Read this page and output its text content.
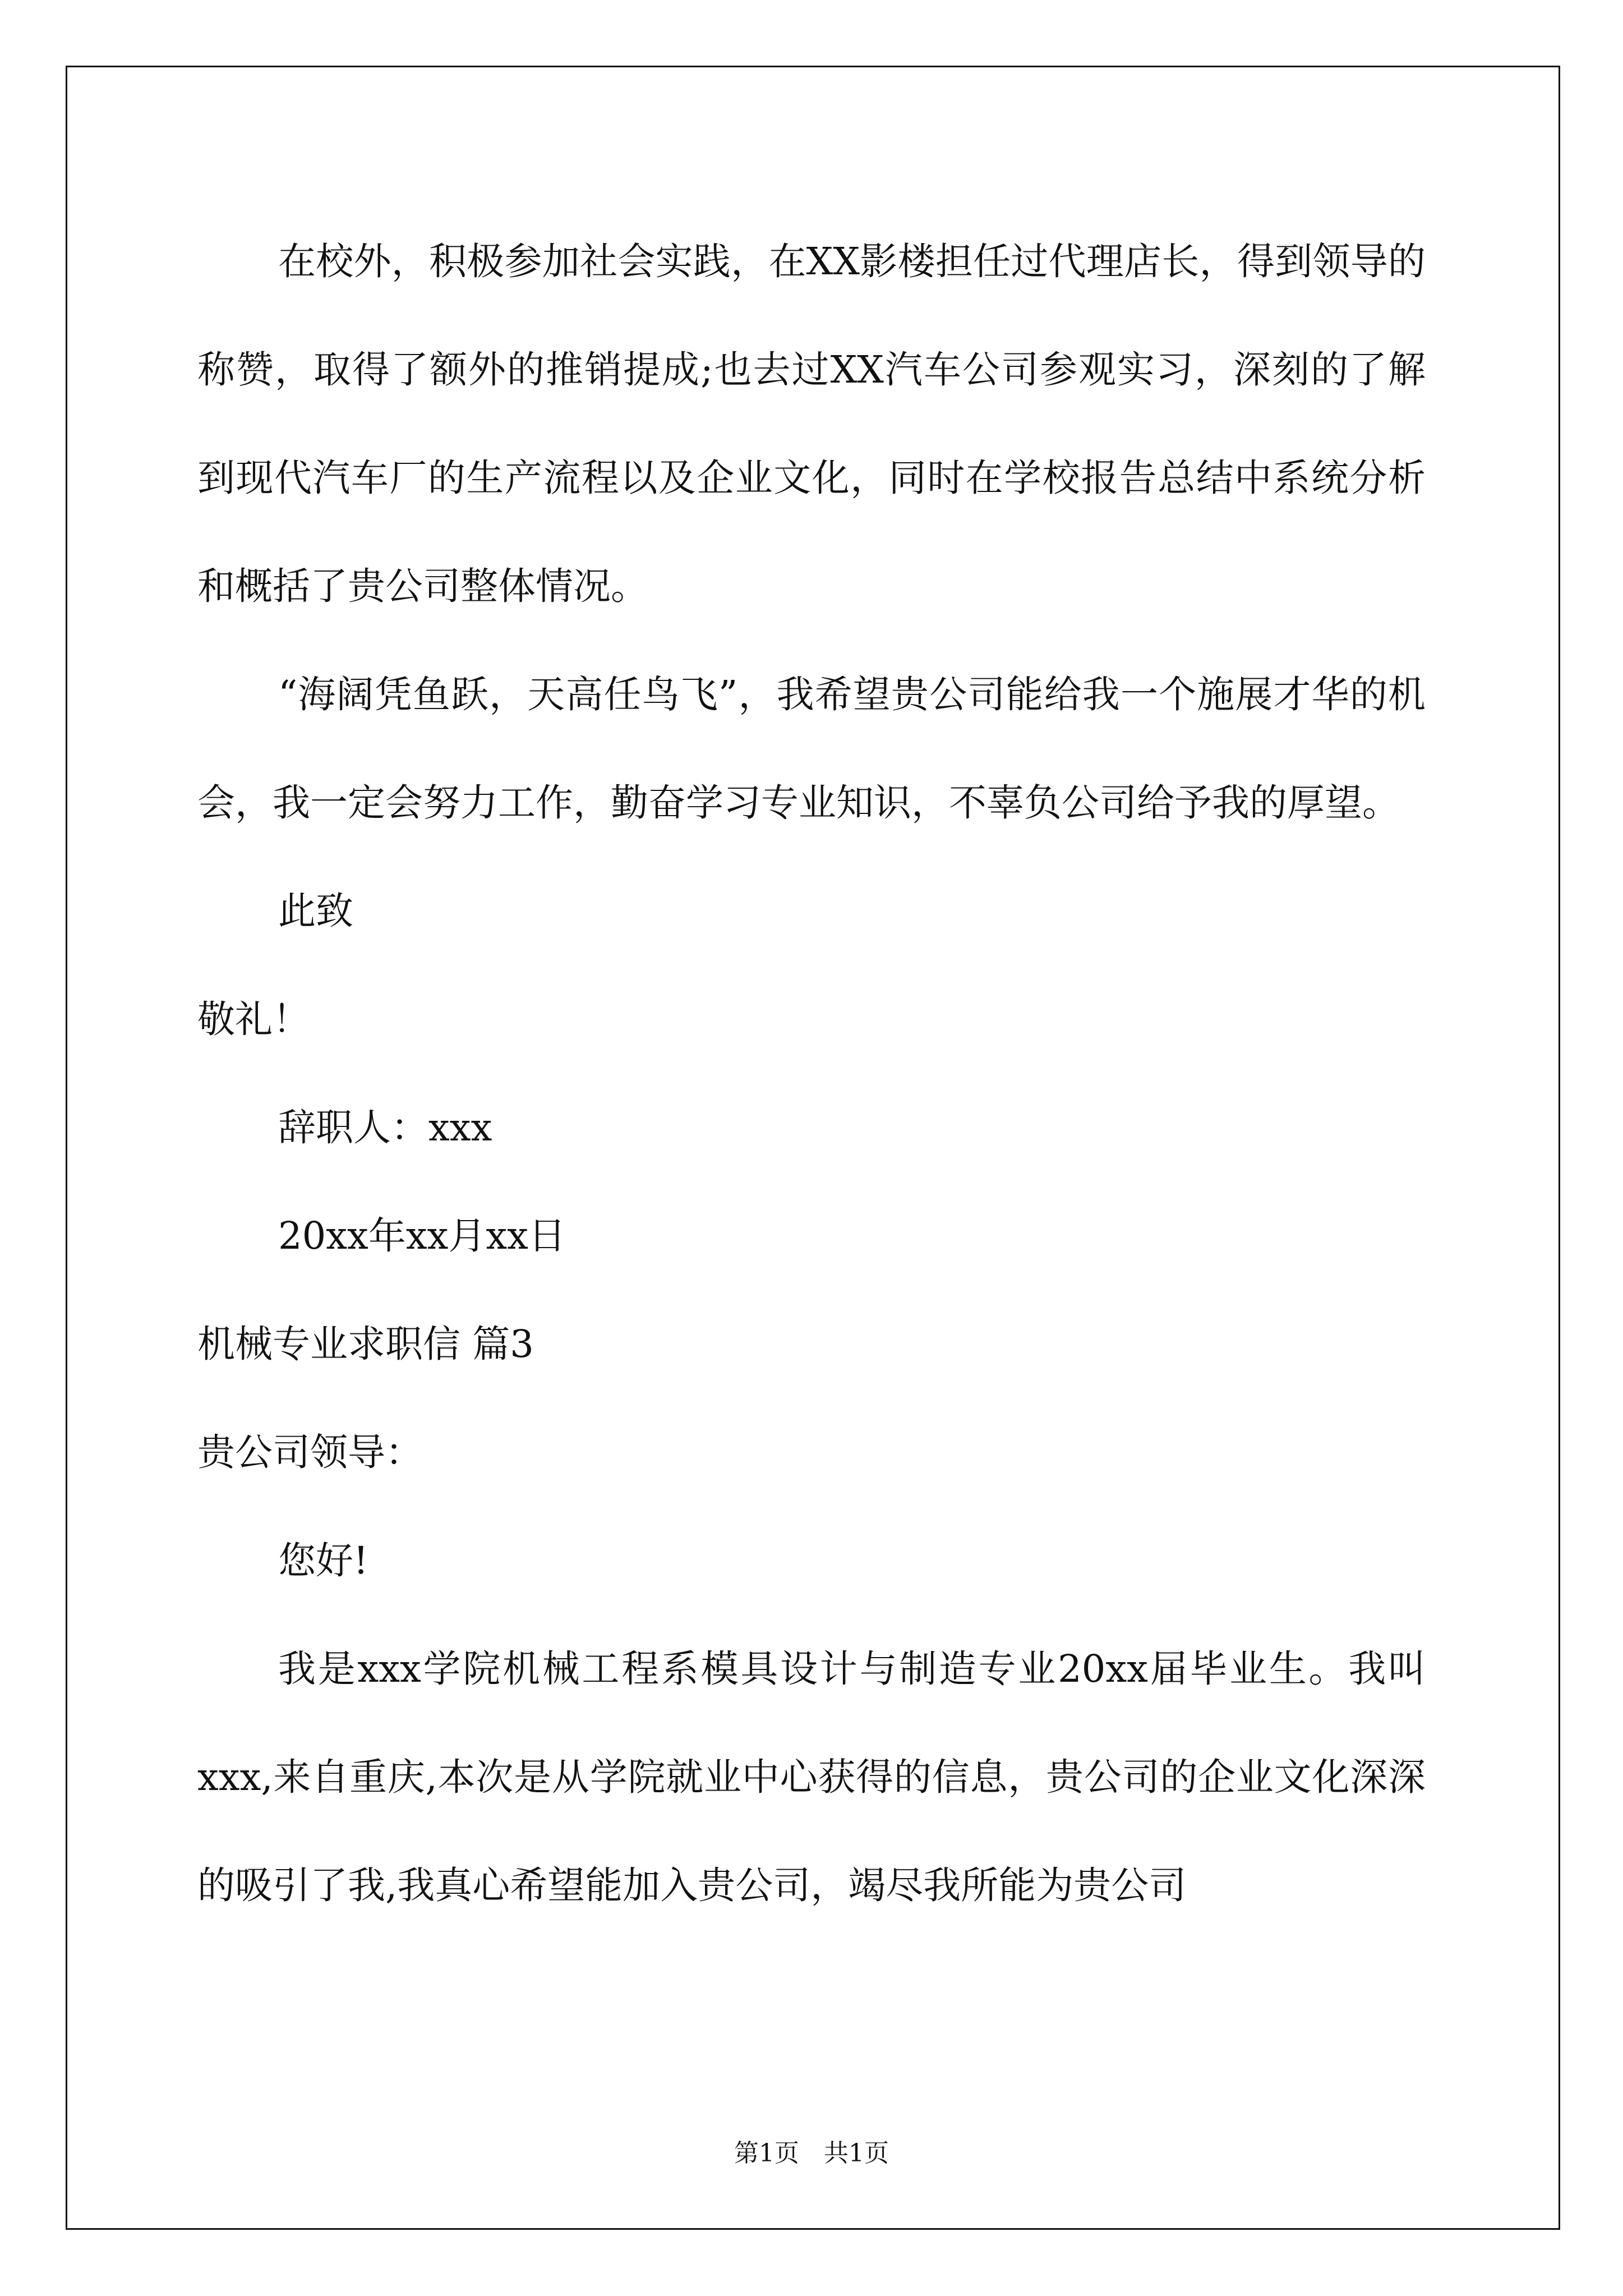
在校外，积极参加社会实践，在XX影楼担任过代理店长，得到领导的称赞，取得了额外的推销提成;也去过XX汽车公司参观实习，深刻的了解到现代汽车厂的生产流程以及企业文化，同时在学校报告总结中系统分析和概括了贵公司整体情况。

“海阔凭鱼跃，天高任鸟飞”，我希望贵公司能给我一个施展才华的机会，我一定会努力工作，勤奋学习专业知识，不辜负公司给予我的厚望。

此致

敬礼！

辞职人：xxx

20xx年xx月xx日

机械专业求职信 篇3

贵公司领导：

您好!

我是xxx学院机械工程系模具设计与制造专业20xx届毕业生。我叫xxx,来自重庆,本次是从学院就业中心获得的信息，贵公司的企业文化深深的吸引了我,我真心希望能加入贵公司，竭尽我所能为贵公司

第1页　共1页
